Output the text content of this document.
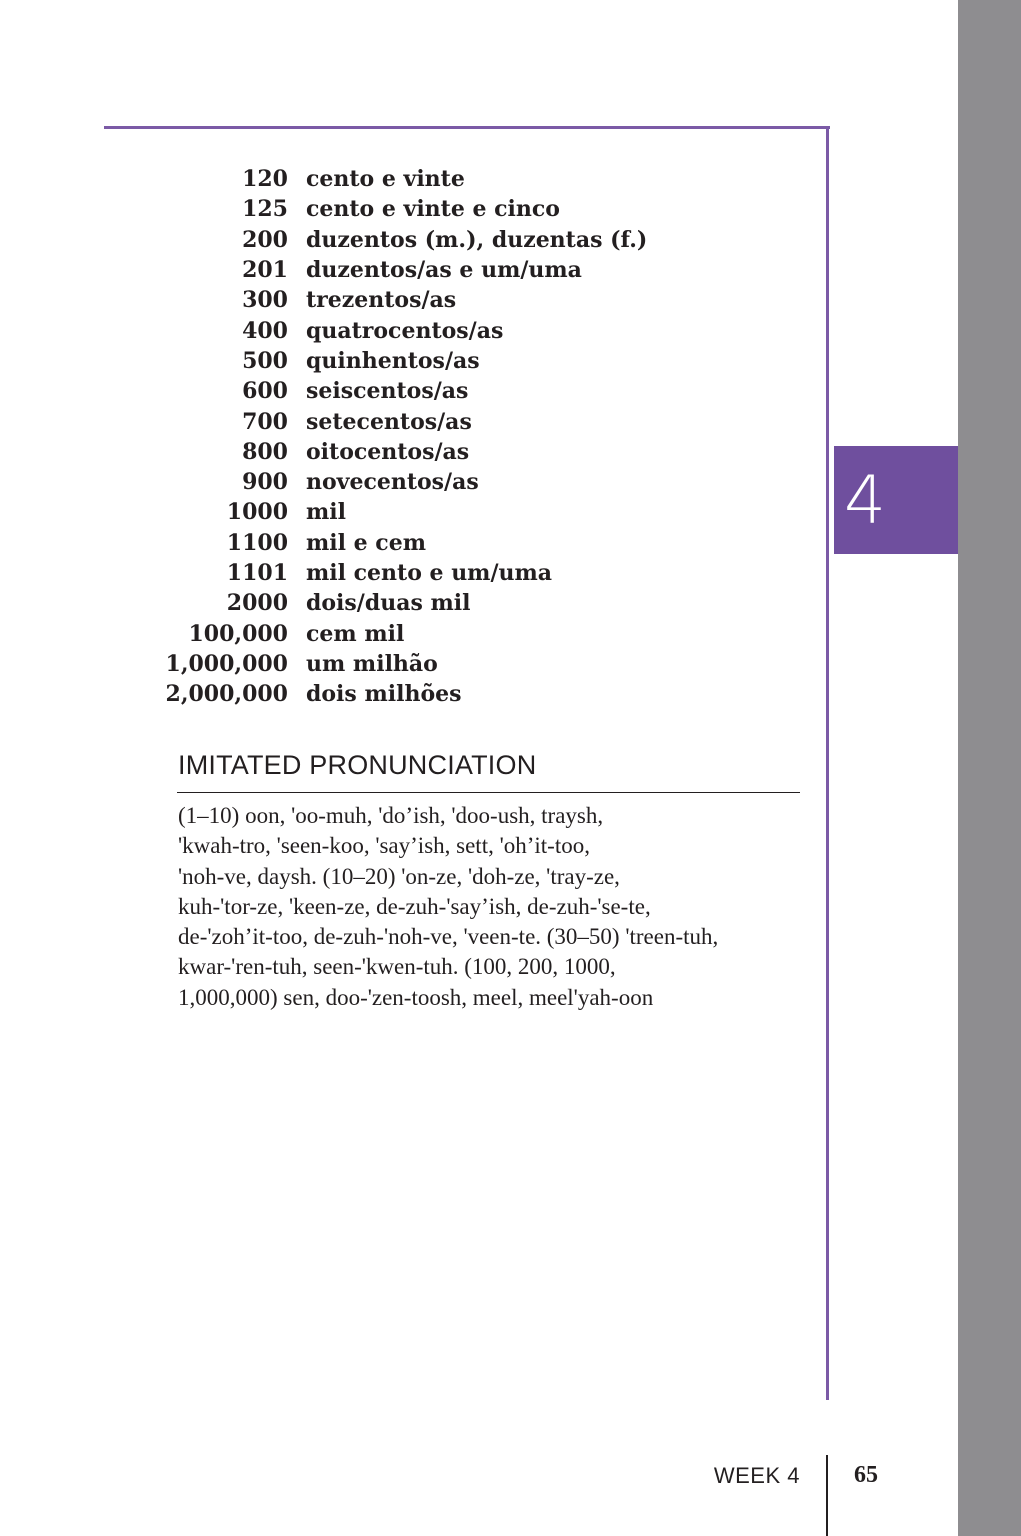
4
120 cento e vinte
125 cento e vinte e cinco
200 duzentos (m.), duzentas (f.)
201 duzentos/as e um/uma
300 trezentos/as
400 quatrocentos/as
500 quinhentos/as
600 seiscentos/as
700 setecentos/as
800 oitocentos/as
900 novecentos/as
1000 mil
1100 mil e cem
1101 mil cento e um/uma
2000 dois/duas mil
100,000 cem mil
1,000,000 um milhão
2,000,000 dois milhões
IMITATED PRONUNCIATION
(1–10) oon, 'oo-muh, 'do’ish, 'doo-ush, traysh,
'kwah-tro, 'seen-koo, 'say’ish, sett, 'oh’it-too,
'noh-ve, daysh. (10–20) 'on-ze, 'doh-ze, 'tray-ze,
kuh-'tor-ze, 'keen-ze, de-zuh-'say’ish, de-zuh-'se-te,
de-'zoh’it-too, de-zuh-'noh-ve, 'veen-te. (30–50) 'treen-tuh,
kwar-'ren-tuh, seen-'kwen-tuh. (100, 200, 1000,
1,000,000) sen, doo-'zen-toosh, meel, meel'yah-oon
WEEK 4 65
